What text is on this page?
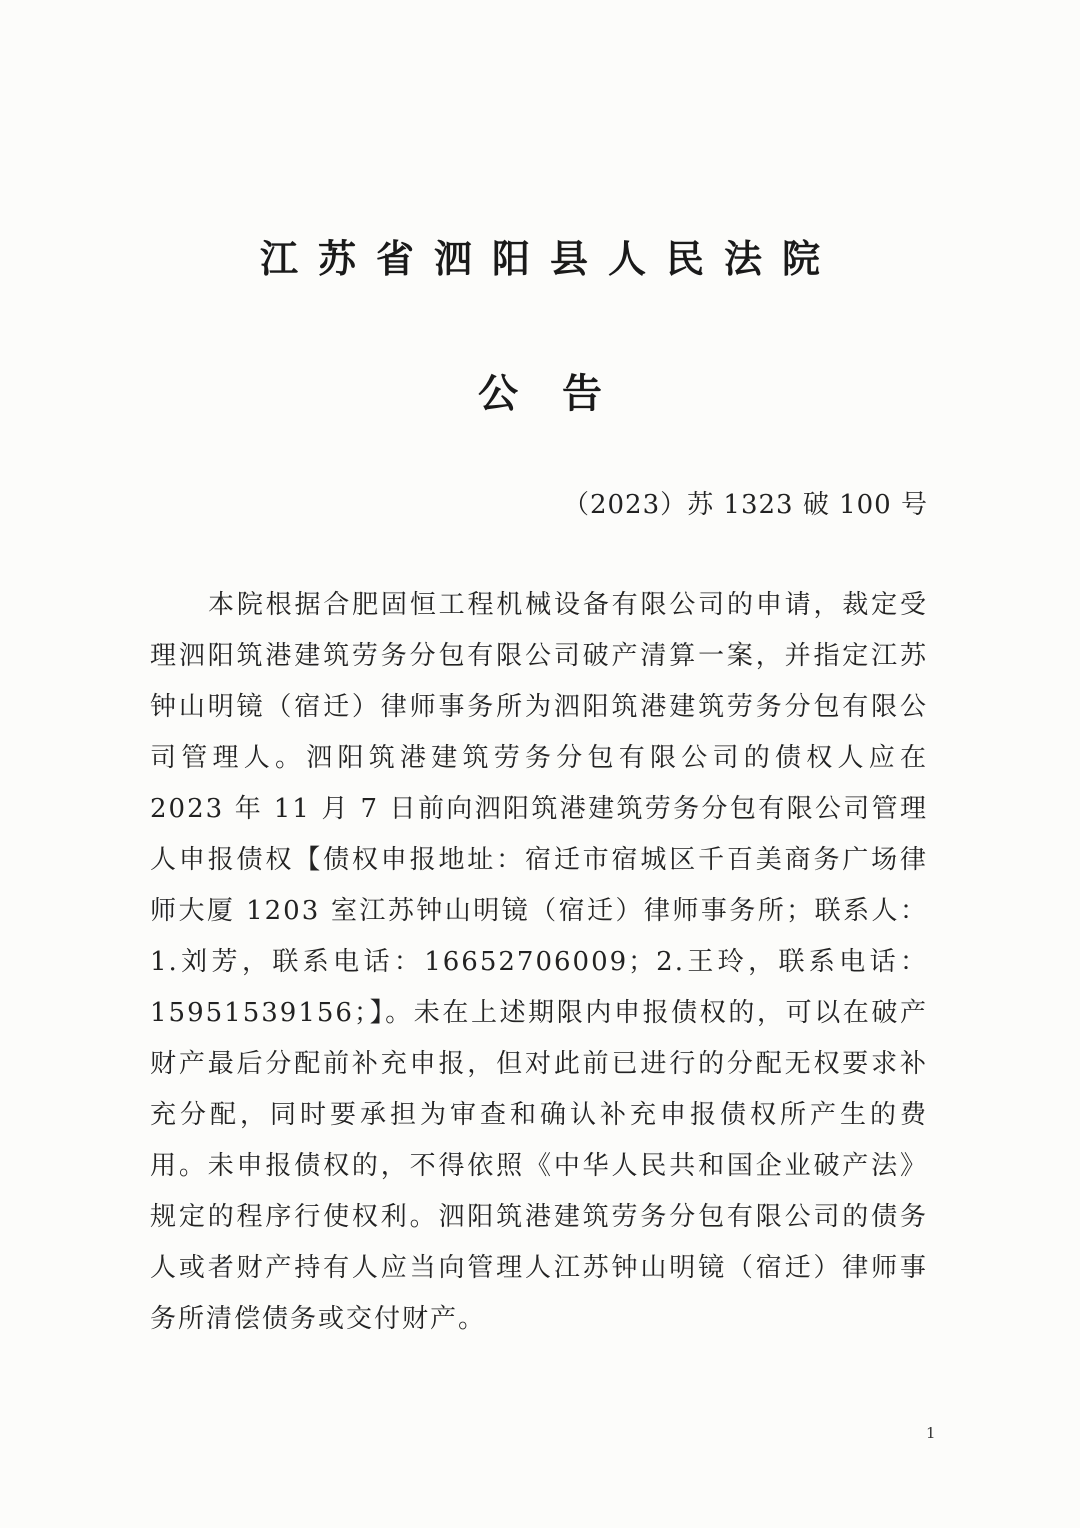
江苏省泗阳县人民法院
公告
（2023）苏 1323 破 100 号

本院根据合肥固恒工程机械设备有限公司的申请，裁定受理泗阳筑港建筑劳务分包有限公司破产清算一案，并指定江苏钟山明镜（宿迁）律师事务所为泗阳筑港建筑劳务分包有限公司管理人。泗阳筑港建筑劳务分包有限公司的债权人应在 2023 年 11 月 7 日前向泗阳筑港建筑劳务分包有限公司管理人申报债权【债权申报地址：宿迁市宿城区千百美商务广场律师大厦 1203 室江苏钟山明镜（宿迁）律师事务所；联系人：1.刘芳，联系电话：16652706009；2.王玲，联系电话：15951539156；】。未在上述期限内申报债权的，可以在破产财产最后分配前补充申报，但对此前已进行的分配无权要求补充分配，同时要承担为审查和确认补充申报债权所产生的费用。未申报债权的，不得依照《中华人民共和国企业破产法》规定的程序行使权利。泗阳筑港建筑劳务分包有限公司的债务人或者财产持有人应当向管理人江苏钟山明镜（宿迁）律师事务所清偿债务或交付财产。

1
